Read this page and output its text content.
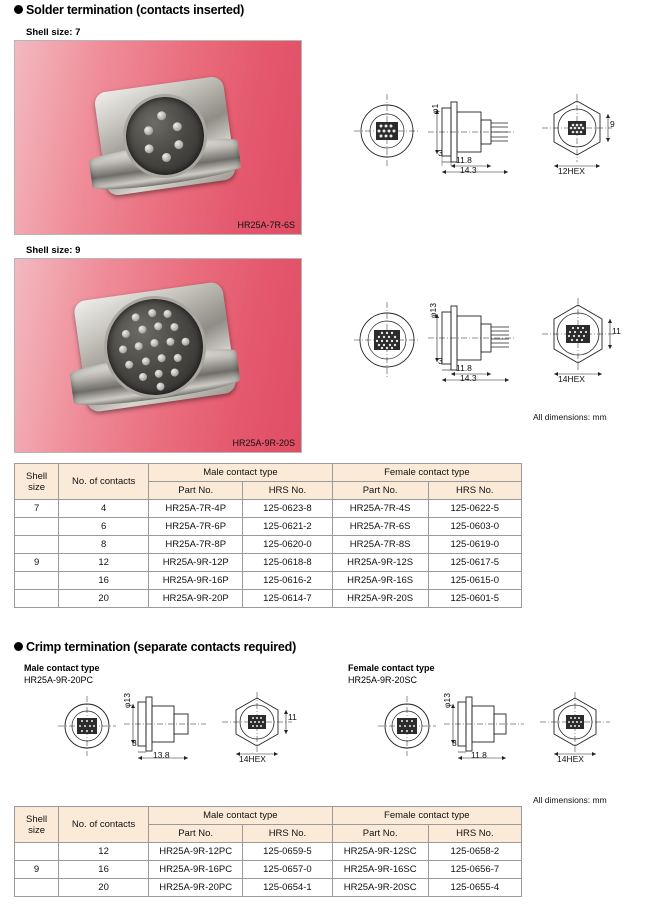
Solder termination (contacts inserted)
Shell size: 7
HR25A-7R-6S
φ1
3
11.8
14.3
9
12HEX
Shell size: 9
HR25A-9R-20S
φ13
3
11.8
14.3
11
14HEX
All dimensions: mm
Shell
size	No. of contacts	Male contact type		Female contact type	
		Part No.	HRS No.	Part No.	HRS No.
7	4	HR25A-7R-4P	125-0623-8	HR25A-7R-4S	125-0622-5
	6	HR25A-7R-6P	125-0621-2	HR25A-7R-6S	125-0603-0
	8	HR25A-7R-8P	125-0620-0	HR25A-7R-8S	125-0619-0
9	12	HR25A-9R-12P	125-0618-8	HR25A-9R-12S	125-0617-5
	16	HR25A-9R-16P	125-0616-2	HR25A-9R-16S	125-0615-0
	20	HR25A-9R-20P	125-0614-7	HR25A-9R-20S	125-0601-5
Crimp termination (separate contacts required)
Male contact type
HR25A-9R-20PC
Female contact type
HR25A-9R-20SC
φ13
3
13.8
11
14HEX
φ13
3
11.8	14HEX
All dimensions: mm
Shell
size	No. of contacts	Male contact type		Female contact type	
		Part No.	HRS No.	Part No.	HRS No.
	12	HR25A-9R-12PC	125-0659-5	HR25A-9R-12SC	125-0658-2
9	16	HR25A-9R-16PC	125-0657-0	HR25A-9R-16SC	125-0656-7
	20	HR25A-9R-20PC	125-0654-1	HR25A-9R-20SC	125-0655-4
